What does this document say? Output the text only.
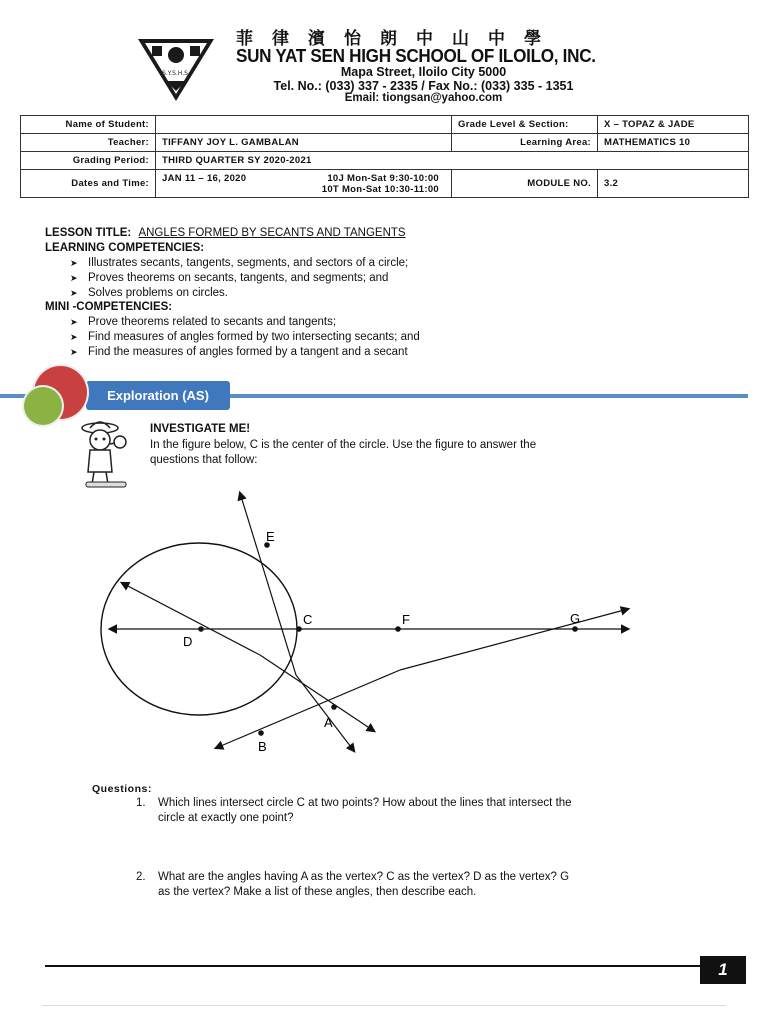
S.Y.S.H.S.
菲律濱怡朗中山中學
SUN YAT SEN HIGH SCHOOL OF ILOILO, INC.
Mapa Street, Iloilo City 5000
Tel. No.: (033) 337 - 2335 / Fax No.: (033) 335 - 1351
Email: tiongsan@yahoo.com
Name of Student:		Grade Level & Section:	X – TOPAZ & JADE
Teacher:	TIFFANY JOY L. GAMBALAN	Learning Area:	MATHEMATICS 10
Grading Period:	THIRD QUARTER SY 2020-2021		
Dates and Time:	JAN 11 – 16, 2020 10J Mon-Sat 9:30-10:00
10T Mon-Sat 10:30-11:00	MODULE NO.	3.2
LESSON TITLE: ANGLES FORMED BY SECANTS AND TANGENTS
LEARNING COMPETENCIES:
➤ Illustrates secants, tangents, segments, and sectors of a circle;
➤ Proves theorems on secants, tangents, and segments; and
➤ Solves problems on circles.
MINI -COMPETENCIES:
➤ Prove theorems related to secants and tangents;
➤ Find measures of angles formed by two intersecting secants; and
➤ Find the measures of angles formed by a tangent and a secant
Exploration (AS)
INVESTIGATE ME!
In the figure below, C is the center of the circle. Use the figure to answer the
questions that follow:
E
C	F	G
D
A
B
Questions:
1.	Which lines intersect circle C at two points? How about the lines that intersect the
circle at exactly one point?
2.	What are the angles having A as the vertex? C as the vertex? D as the vertex? G
as the vertex? Make a list of these angles, then describe each.
1
